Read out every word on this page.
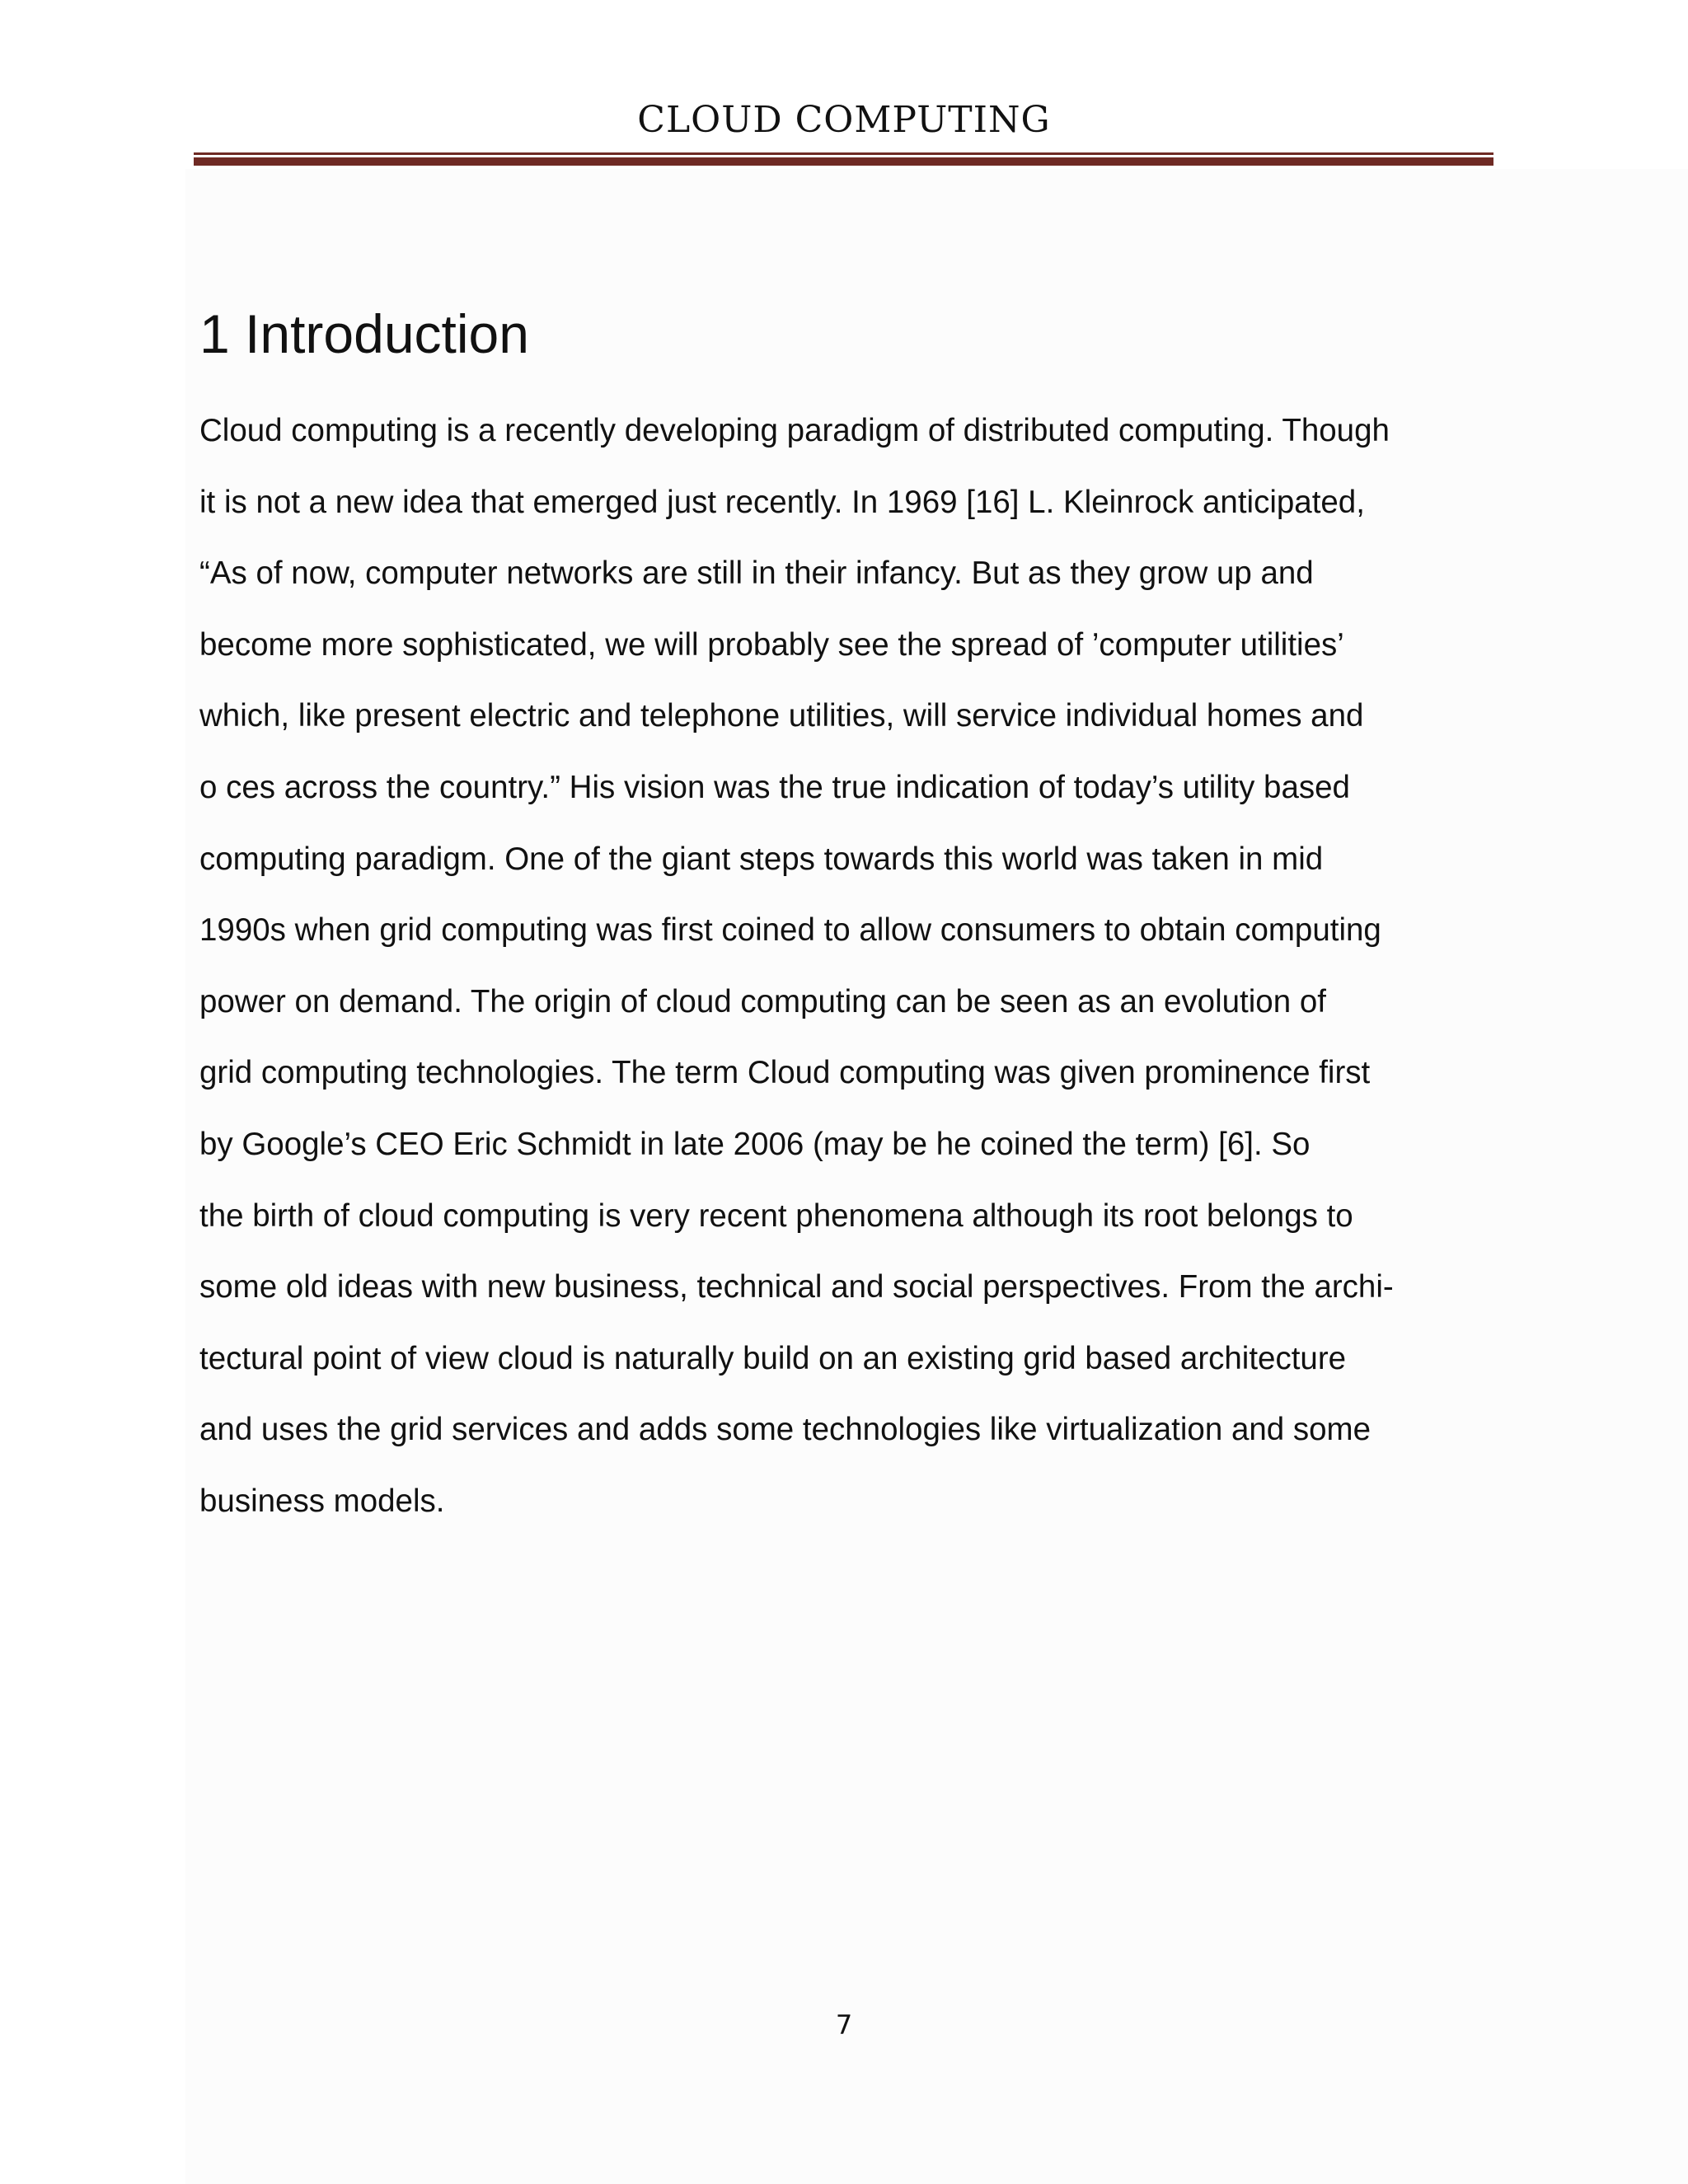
CLOUD COMPUTING
1 Introduction
Cloud computing is a recently developing paradigm of distributed computing. Though
it is not a new idea that emerged just recently. In 1969 [16] L. Kleinrock anticipated,
“As of now, computer networks are still in their infancy. But as they grow up and
become more sophisticated, we will probably see the spread of ’computer utilities’
which, like present electric and telephone utilities, will service individual homes and
o ces across the country.” His vision was the true indication of today’s utility based
computing paradigm. One of the giant steps towards this world was taken in mid
1990s when grid computing was first coined to allow consumers to obtain computing
power on demand. The origin of cloud computing can be seen as an evolution of
grid computing technologies. The term Cloud computing was given prominence first
by Google’s CEO Eric Schmidt in late 2006 (may be he coined the term) [6]. So
the birth of cloud computing is very recent phenomena although its root belongs to
some old ideas with new business, technical and social perspectives. From the archi-
tectural point of view cloud is naturally build on an existing grid based architecture
and uses the grid services and adds some technologies like virtualization and some
business models.
7
